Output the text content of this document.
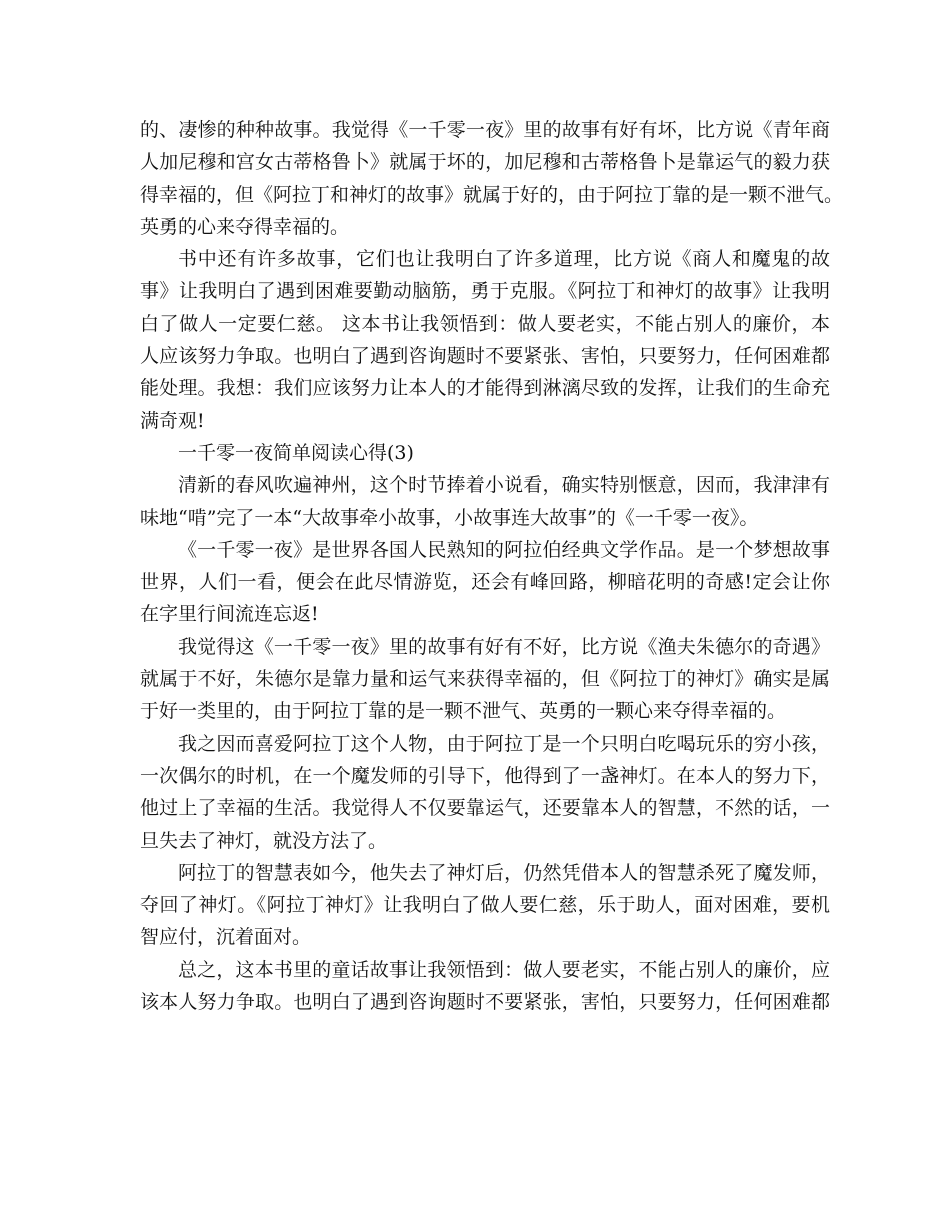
的、凄惨的种种故事。我觉得《一千零一夜》里的故事有好有坏，比方说《青年商
人加尼穆和宫女古蒂格鲁卜》就属于坏的，加尼穆和古蒂格鲁卜是靠运气的毅力获
得幸福的，但《阿拉丁和神灯的故事》就属于好的，由于阿拉丁靠的是一颗不泄气。
英勇的心来夺得幸福的。
书中还有许多故事，它们也让我明白了许多道理，比方说《商人和魔鬼的故
事》让我明白了遇到困难要勤动脑筋，勇于克服。《阿拉丁和神灯的故事》让我明
白了做人一定要仁慈。 这本书让我领悟到：做人要老实，不能占别人的廉价，本
人应该努力争取。也明白了遇到咨询题时不要紧张、害怕，只要努力，任何困难都
能处理。我想：我们应该努力让本人的才能得到淋漓尽致的发挥，让我们的生命充
满奇观!
一千零一夜简单阅读心得(3)
清新的春风吹遍神州，这个时节捧着小说看，确实特别惬意，因而，我津津有
味地“啃”完了一本“大故事牵小故事，小故事连大故事”的《一千零一夜》。
《一千零一夜》是世界各国人民熟知的阿拉伯经典文学作品。是一个梦想故事
世界，人们一看，便会在此尽情游览，还会有峰回路，柳暗花明的奇感!定会让你
在字里行间流连忘返!
我觉得这《一千零一夜》里的故事有好有不好，比方说《渔夫朱德尔的奇遇》
就属于不好，朱德尔是靠力量和运气来获得幸福的，但《阿拉丁的神灯》确实是属
于好一类里的，由于阿拉丁靠的是一颗不泄气、英勇的一颗心来夺得幸福的。
我之因而喜爱阿拉丁这个人物，由于阿拉丁是一个只明白吃喝玩乐的穷小孩，
一次偶尔的时机，在一个魔发师的引导下，他得到了一盏神灯。在本人的努力下，
他过上了幸福的生活。我觉得人不仅要靠运气，还要靠本人的智慧，不然的话，一
旦失去了神灯，就没方法了。
阿拉丁的智慧表如今，他失去了神灯后，仍然凭借本人的智慧杀死了魔发师，
夺回了神灯。《阿拉丁神灯》让我明白了做人要仁慈，乐于助人，面对困难，要机
智应付，沉着面对。
总之，这本书里的童话故事让我领悟到：做人要老实，不能占别人的廉价，应
该本人努力争取。也明白了遇到咨询题时不要紧张，害怕，只要努力，任何困难都
